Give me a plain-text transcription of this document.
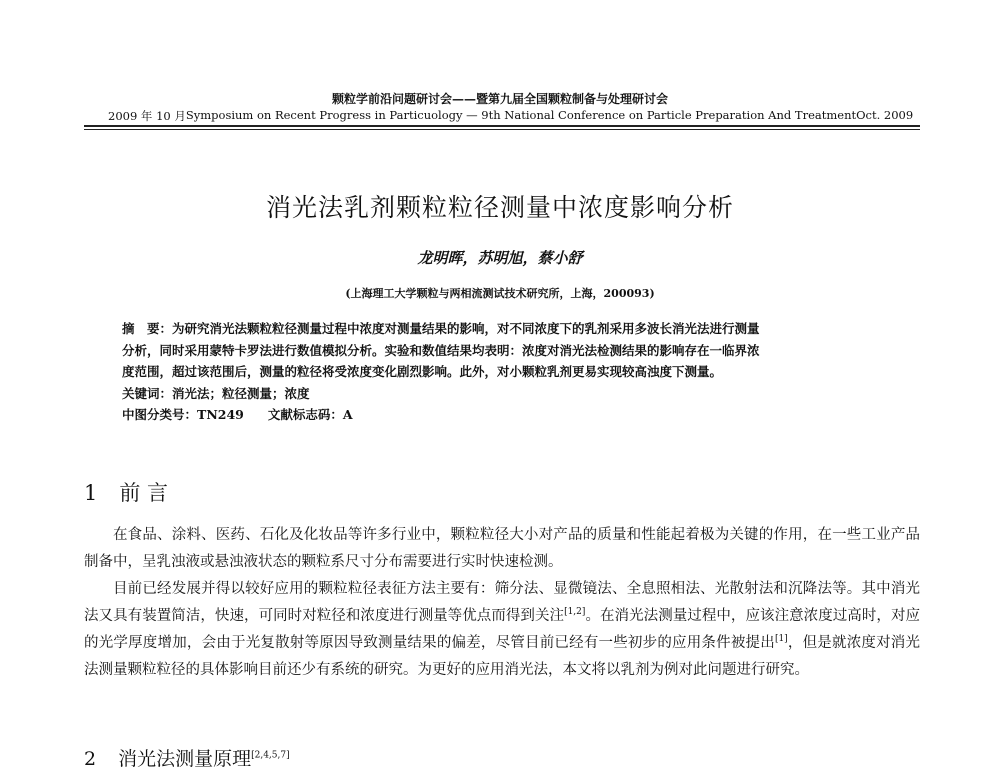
颗粒学前沿问题研讨会——暨第九届全国颗粒制备与处理研讨会
2009 年 10 月 Symposium on Recent Progress in Particuology — 9th National Conference on Particle Preparation And Treatment Oct. 2009
消光法乳剂颗粒粒径测量中浓度影响分析
龙明晖，苏明旭，蔡小舒
(上海理工大学颗粒与两相流测试技术研究所，上海，200093)

摘　要：为研究消光法颗粒粒径测量过程中浓度对测量结果的影响，对不同浓度下的乳剂采用多波长消光法进行测量

分析，同时采用蒙特卡罗法进行数值模拟分析。实验和数值结果均表明：浓度对消光法检测结果的影响存在一临界浓

度范围，超过该范围后，测量的粒径将受浓度变化剧烈影响。此外，对小颗粒乳剂更易实现较高浊度下测量。

关键词：消光法；粒径测量；浓度

中图分类号：TN249 文献标志码：A

1 前 言

在食品、涂料、医药、石化及化妆品等许多行业中，颗粒粒径大小对产品的质量和性能起着极为关键的作用，在一些工业产品制备中，呈乳浊液或悬浊液状态的颗粒系尺寸分布需要进行实时快速检测。

目前已经发展并得以较好应用的颗粒粒径表征方法主要有：筛分法、显微镜法、全息照相法、光散射法和沉降法等。其中消光法又具有装置简洁，快速，可同时对粒径和浓度进行测量等优点而得到关注[1,2]。在消光法测量过程中，应该注意浓度过高时，对应的光学厚度增加，会由于光复散射等原因导致测量结果的偏差，尽管目前已经有一些初步的应用条件被提出[1]，但是就浓度对消光法测量颗粒粒径的具体影响目前还少有系统的研究。为更好的应用消光法，本文将以乳剂为例对此问题进行研究。

2 消光法测量原理[2,4,5,7]
